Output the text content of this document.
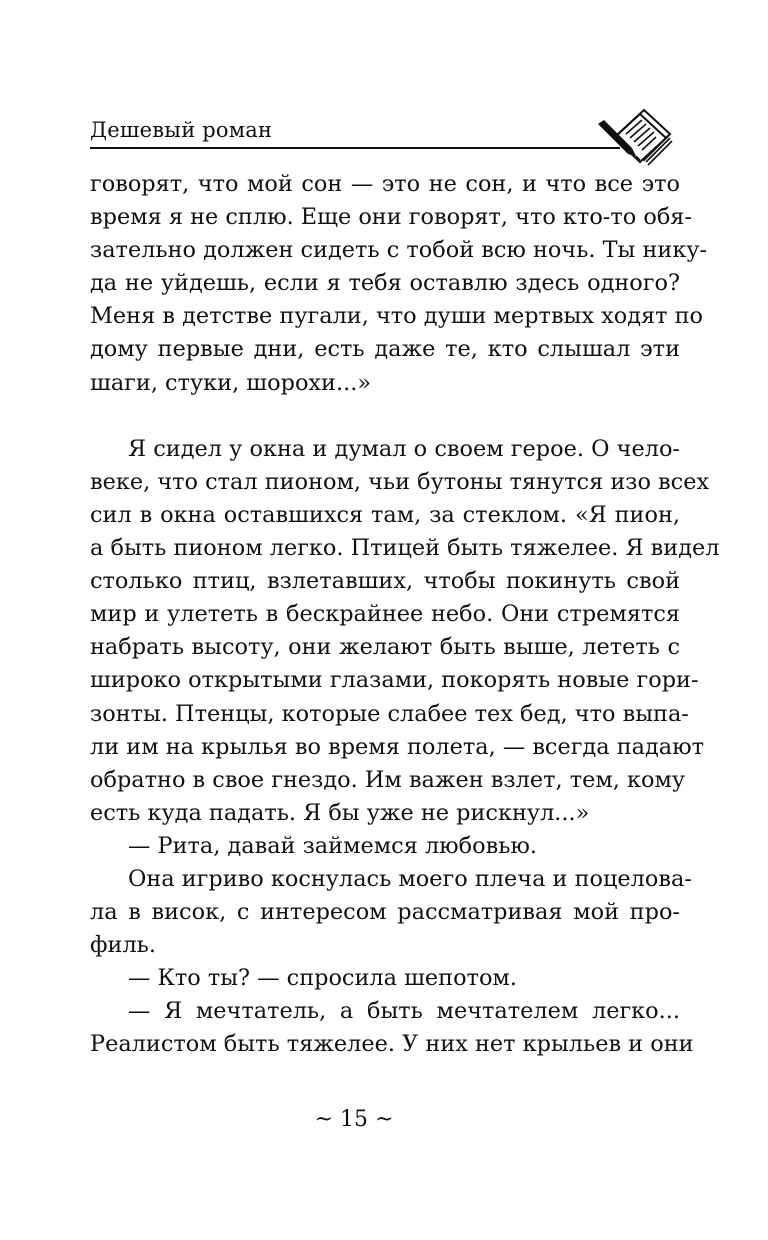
Дешевый роман
говорят, что мой сон — это не сон, и что все это
время я не сплю. Еще они говорят, что кто-то обя-
зательно должен сидеть с тобой всю ночь. Ты нику-
да не уйдешь, если я тебя оставлю здесь одного?
Меня в детстве пугали, что души мертвых ходят по
дому первые дни, есть даже те, кто слышал эти
шаги, стуки, шорохи...»
Я сидел у окна и думал о своем герое. О чело-
веке, что стал пионом, чьи бутоны тянутся изо всех
сил в окна оставшихся там, за стеклом. «Я пион,
а быть пионом легко. Птицей быть тяжелее. Я видел
столько птиц, взлетавших, чтобы покинуть свой
мир и улететь в бескрайнее небо. Они стремятся
набрать высоту, они желают быть выше, лететь с
широко открытыми глазами, покорять новые гори-
зонты. Птенцы, которые слабее тех бед, что выпа-
ли им на крылья во время полета, — всегда падают
обратно в свое гнездо. Им важен взлет, тем, кому
есть куда падать. Я бы уже не рискнул...»
— Рита, давай займемся любовью.
Она игриво коснулась моего плеча и поцелова-
ла в висок, с интересом рассматривая мой про-
филь.
— Кто ты? — спросила шепотом.
— Я мечтатель, а быть мечтателем легко...
Реалистом быть тяжелее. У них нет крыльев и они
~ 15 ~
